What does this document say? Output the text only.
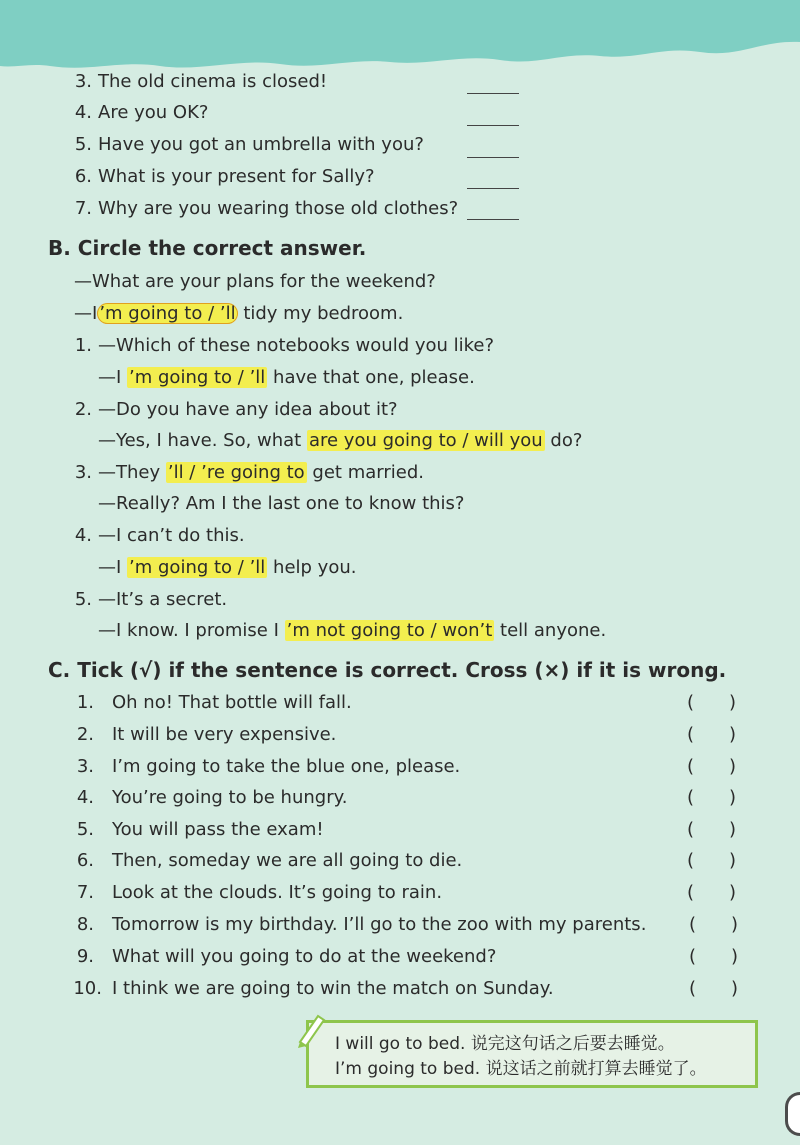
3. The old cinema is closed!
4. Are you OK?
5. Have you got an umbrella with you?
6. What is your present for Sally?
7. Why are you wearing those old clothes?
B. Circle the correct answer.
—What are your plans for the weekend?
—I ’m going to / ’ll tidy my bedroom.
1. —Which of these notebooks would you like?
—I ’m going to / ’ll have that one, please.
2. —Do you have any idea about it?
—Yes, I have. So, what are you going to / will you do?
3. —They ’ll / ’re going to get married.
—Really? Am I the last one to know this?
4. —I can’t do this.
—I ’m going to / ’ll help you.
5. —It’s a secret.
—I know. I promise I ’m not going to / won’t tell anyone.
C. Tick (√) if the sentence is correct. Cross (×) if it is wrong.
1. Oh no! That bottle will fall.	( )
2. It will be very expensive.	( )
3. I’m going to take the blue one, please.	( )
4. You’re going to be hungry.	( )
5. You will pass the exam!	( )
6. Then, someday we are all going to die.	( )
7. Look at the clouds. It’s going to rain.	( )
8. Tomorrow is my birthday. I’ll go to the zoo with my parents. ( )
9. What will you going to do at the weekend?	( )
10. I think we are going to win the match on Sunday.	( )
I will go to bed. 说完这句话之后要去睡觉。
I’m going to bed. 说这话之前就打算去睡觉了。
